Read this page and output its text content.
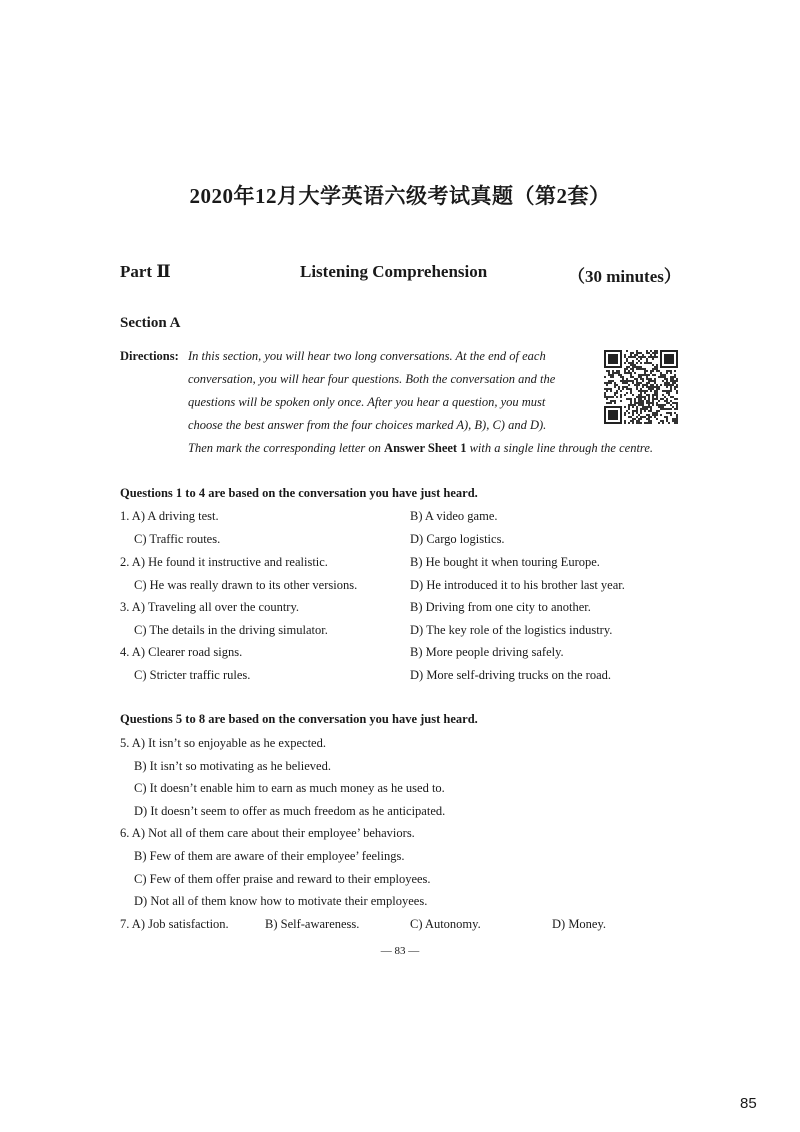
2020年12月大学英语六级考试真题（第2套）
Part Ⅱ	Listening Comprehension	（30 minutes）
Section A
Directions: In this section, you will hear two long conversations. At the end of each
conversation, you will hear four questions. Both the conversation and the
questions will be spoken only once. After you hear a question, you must
choose the best answer from the four choices marked A), B), C) and D).
Then mark the corresponding letter on Answer Sheet 1 with a single line through the centre.
Questions 1 to 4 are based on the conversation you have just heard.
1. A) A driving test.	B) A video game.
C) Traffic routes.	D) Cargo logistics.
2. A) He found it instructive and realistic.	B) He bought it when touring Europe.
C) He was really drawn to its other versions.	D) He introduced it to his brother last year.
3. A) Traveling all over the country.	B) Driving from one city to another.
C) The details in the driving simulator.	D) The key role of the logistics industry.
4. A) Clearer road signs.	B) More people driving safely.
C) Stricter traffic rules.	D) More self-driving trucks on the road.
Questions 5 to 8 are based on the conversation you have just heard.
5. A) It isn’t so enjoyable as he expected.
B) It isn’t so motivating as he believed.
C) It doesn’t enable him to earn as much money as he used to.
D) It doesn’t seem to offer as much freedom as he anticipated.
6. A) Not all of them care about their employee’ behaviors.
B) Few of them are aware of their employee’ feelings.
C) Few of them offer praise and reward to their employees.
D) Not all of them know how to motivate their employees.
7. A) Job satisfaction.	B) Self-awareness.	C) Autonomy.	D) Money.
— 83 —
85
